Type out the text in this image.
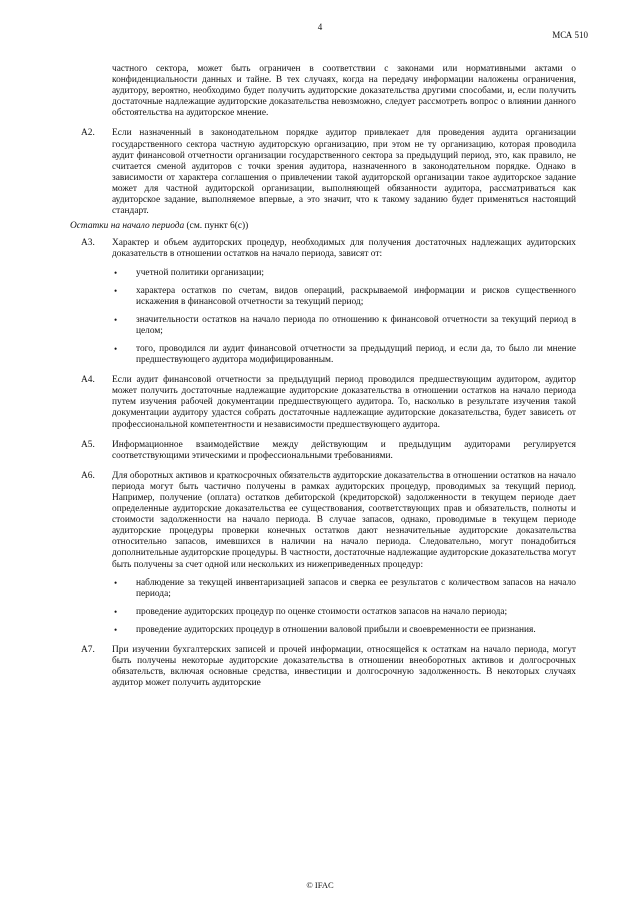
4
МСА 510

частного сектора, может быть ограничен в соответствии с законами или нормативными актами о конфиденциальности данных и тайне. В тех случаях, когда на передачу информации наложены ограничения, аудитору, вероятно, необходимо будет получить аудиторские доказательства другими способами, и, если получить достаточные надлежащие аудиторские доказательства невозможно, следует рассмотреть вопрос о влиянии данного обстоятельства на аудиторское мнение.

A2.	Если назначенный в законодательном порядке аудитор привлекает для проведения аудита организации государственного сектора частную аудиторскую организацию, при этом не ту организацию, которая проводила аудит финансовой отчетности организации государственного сектора за предыдущий период, это, как правило, не считается сменой аудиторов с точки зрения аудитора, назначенного в законодательном порядке. Однако в зависимости от характера соглашения о привлечении такой аудиторской организации такое аудиторское задание может для частной аудиторской организации, выполняющей обязанности аудитора, рассматриваться как аудиторское задание, выполняемое впервые, а это значит, что к такому заданию будет применяться настоящий стандарт.

Остатки на начало периода (см. пункт 6(c))
A3.	Характер и объем аудиторских процедур, необходимых для получения достаточных надлежащих аудиторских доказательств в отношении остатков на начало периода, зависят от:

•	учетной политики организации;
•	характера остатков по счетам, видов операций, раскрываемой информации и рисков существенного искажения в финансовой отчетности за текущий период;
•	значительности остатков на начало периода по отношению к финансовой отчетности за текущий период в целом;
•	того, проводился ли аудит финансовой отчетности за предыдущий период, и если да, то было ли мнение предшествующего аудитора модифицированным.
A4.	Если аудит финансовой отчетности за предыдущий период проводился предшествующим аудитором, аудитор может получить достаточные надлежащие аудиторские доказательства в отношении остатков на начало периода путем изучения рабочей документации предшествующего аудитора. То, насколько в результате изучения такой документации аудитору удастся собрать достаточные надлежащие аудиторские доказательства, будет зависеть от профессиональной компетентности и независимости предшествующего аудитора.

A5.	Информационное взаимодействие между действующим и предыдущим аудиторами регулируется соответствующими этическими и профессиональными требованиями.

A6.	Для оборотных активов и краткосрочных обязательств аудиторские доказательства в отношении остатков на начало периода могут быть частично получены в рамках аудиторских процедур, проводимых за текущий период. Например, получение (оплата) остатков дебиторской (кредиторской) задолженности в текущем периоде дает определенные аудиторские доказательства ее существования, соответствующих прав и обязательств, полноты и стоимости задолженности на начало периода. В случае запасов, однако, проводимые в текущем периоде аудиторские процедуры проверки конечных остатков дают незначительные аудиторские доказательства относительно запасов, имевшихся в наличии на начало периода. Следовательно, могут понадобиться дополнительные аудиторские процедуры. В частности, достаточные надлежащие аудиторские доказательства могут быть получены за счет одной или нескольких из нижеприведенных процедур:

•	наблюдение за текущей инвентаризацией запасов и сверка ее результатов с количеством запасов на начало периода;
•	проведение аудиторских процедур по оценке стоимости остатков запасов на начало периода;
•	проведение аудиторских процедур в отношении валовой прибыли и своевременности ее признания.
A7.	При изучении бухгалтерских записей и прочей информации, относящейся к остаткам на начало периода, могут быть получены некоторые аудиторские доказательства в отношении внеоборотных активов и долгосрочных обязательств, включая основные средства, инвестиции и долгосрочную задолженность. В некоторых случаях аудитор может получить аудиторские

© IFAC
